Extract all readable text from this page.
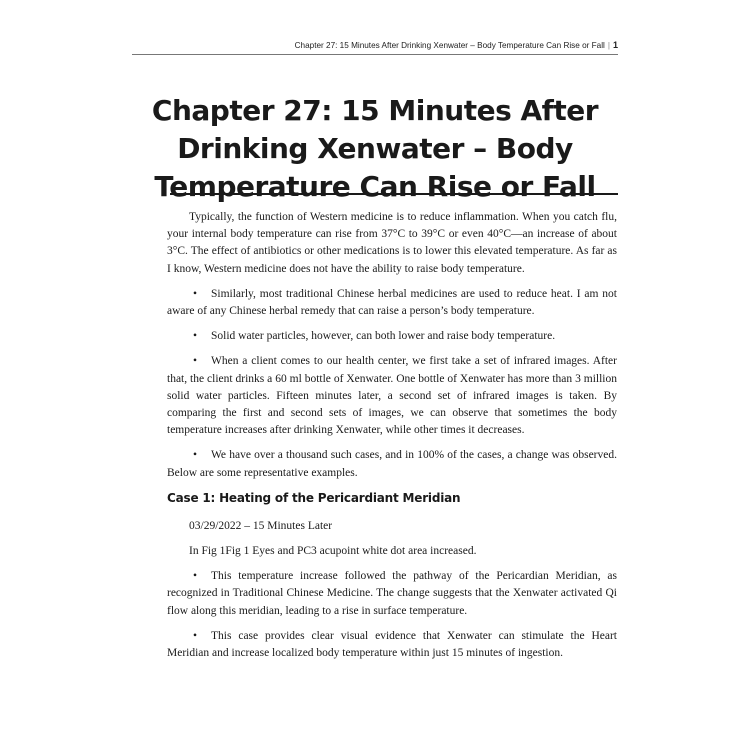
Chapter 27: 15 Minutes After Drinking Xenwater – Body Temperature Can Rise or Fall | 1
Chapter 27: 15 Minutes After
Drinking Xenwater – Body
Temperature Can Rise or Fall

Typically, the function of Western medicine is to reduce inflammation. When you catch flu, your internal body temperature can rise from 37°C to 39°C or even 40°C—an increase of about 3°C. The effect of antibiotics or other medications is to lower this elevated temperature. As far as I know, Western medicine does not have the ability to raise body temperature.

• Similarly, most traditional Chinese herbal medicines are used to reduce heat. I am not aware of any Chinese herbal remedy that can raise a person’s body temperature.

• Solid water particles, however, can both lower and raise body temperature.

• When a client comes to our health center, we first take a set of infrared images. After that, the client drinks a 60 ml bottle of Xenwater. One bottle of Xenwater has more than 3 million solid water particles. Fifteen minutes later, a second set of infrared images is taken. By comparing the first and second sets of images, we can observe that sometimes the body temperature increases after drinking Xenwater, while other times it decreases.

• We have over a thousand such cases, and in 100% of the cases, a change was observed. Below are some representative examples.

Case 1: Heating of the Pericardiant Meridian

03/29/2022 – 15 Minutes Later

In Fig 1Fig 1 Eyes and PC3 acupoint white dot area increased.

• This temperature increase followed the pathway of the Pericardian Meridian, as recognized in Traditional Chinese Medicine. The change suggests that the Xenwater activated Qi flow along this meridian, leading to a rise in surface temperature.

• This case provides clear visual evidence that Xenwater can stimulate the Heart Meridian and increase localized body temperature within just 15 minutes of ingestion.
